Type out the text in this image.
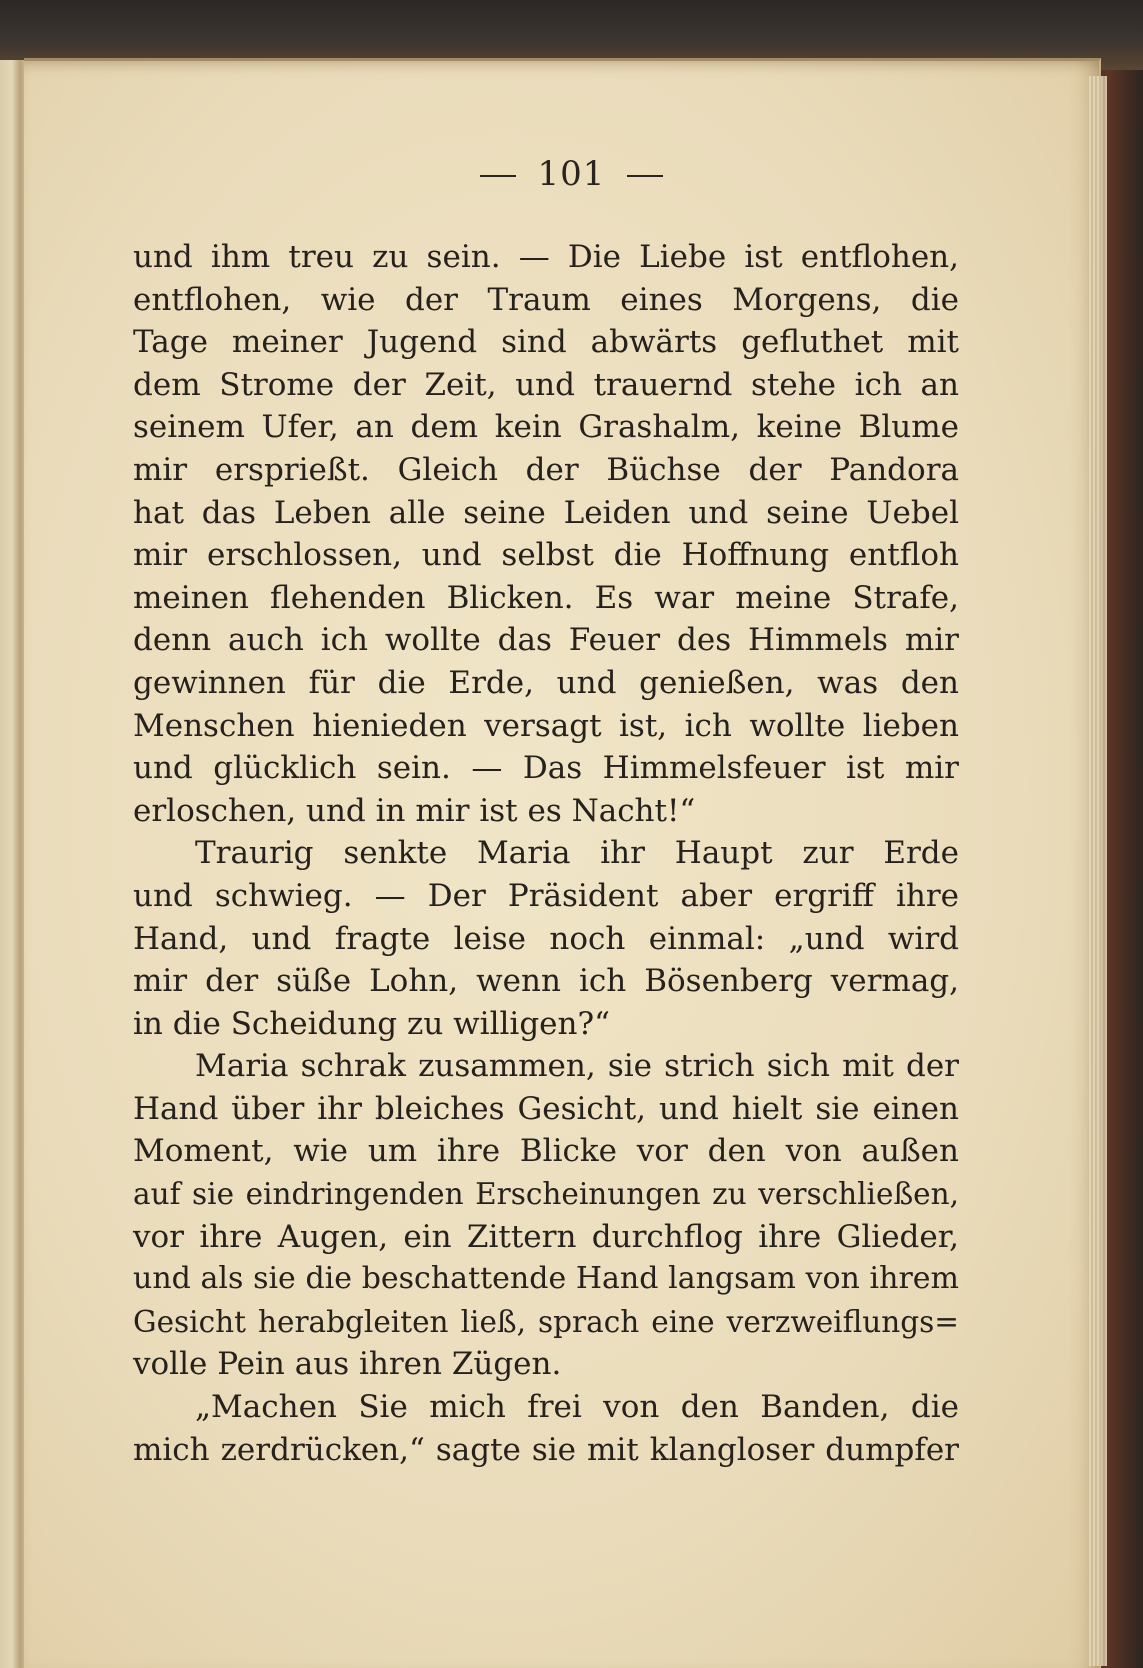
101
und ihm treu zu sein. — Die Liebe ist entflohen,
entflohen, wie der Traum eines Morgens, die
Tage meiner Jugend sind abwärts gefluthet mit
dem Strome der Zeit, und trauernd stehe ich an
seinem Ufer, an dem kein Grashalm, keine Blume
mir ersprießt. Gleich der Büchse der Pandora
hat das Leben alle seine Leiden und seine Uebel
mir erschlossen, und selbst die Hoffnung entfloh
meinen flehenden Blicken. Es war meine Strafe,
denn auch ich wollte das Feuer des Himmels mir
gewinnen für die Erde, und genießen, was den
Menschen hienieden versagt ist, ich wollte lieben
und glücklich sein. — Das Himmelsfeuer ist mir
erloschen, und in mir ist es Nacht!“
Traurig senkte Maria ihr Haupt zur Erde
und schwieg. — Der Präsident aber ergriff ihre
Hand, und fragte leise noch einmal: „und wird
mir der süße Lohn, wenn ich Bösenberg vermag,
in die Scheidung zu willigen?“
Maria schrak zusammen, sie strich sich mit der
Hand über ihr bleiches Gesicht, und hielt sie einen
Moment, wie um ihre Blicke vor den von außen
auf sie eindringenden Erscheinungen zu verschließen,
vor ihre Augen, ein Zittern durchflog ihre Glieder,
und als sie die beschattende Hand langsam von ihrem
Gesicht herabgleiten ließ, sprach eine verzweiflungs=
volle Pein aus ihren Zügen.
„Machen Sie mich frei von den Banden, die
mich zerdrücken,“ sagte sie mit klangloser dumpfer
